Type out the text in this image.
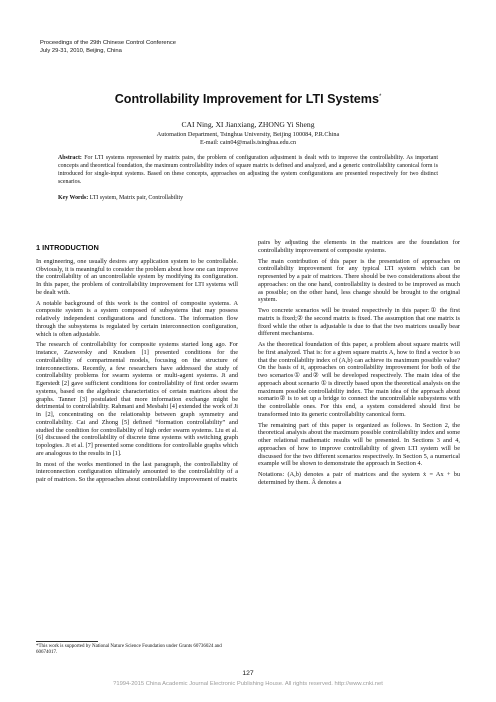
Proceedings of the 29th Chinese Control Conference
July 29-31, 2010, Beijing, China
Controllability Improvement for LTI Systems*
CAI Ning, XI Jianxiang, ZHONG Yi Sheng
Automation Department, Tsinghua University, Beijing 100084, P.R.China
E-mail: cain04@mails.tsinghua.edu.cn
Abstract: For LTI systems represented by matrix pairs, the problem of configuration adjustment is dealt with to improve the controllability. As important concepts and theoretical foundation, the maximum controllability index of square matrix is defined and analyzed, and a generic controllability canonical form is introduced for single-input systems. Based on these concepts, approaches on adjusting the system configurations are presented respectively for two distinct scenarios.
Key Words: LTI system, Matrix pair, Controllability
1 INTRODUCTION

In engineering, one usually desires any application system to be controllable. Obviously, it is meaningful to consider the problem about how one can improve the controllability of an uncontrollable system by modifying its configuration. In this paper, the problem of controllability improvement for LTI systems will be dealt with.

A notable background of this work is the control of composite systems. A composite system is a system composed of subsystems that may possess relatively independent configurations and functions. The information flow through the subsystems is regulated by certain interconnection configuration, which is often adjustable.

The research of controllability for composite systems started long ago. For instance, Zazworsky and Knudsen [1] presented conditions for the controllability of compartmental models, focusing on the structure of interconnections. Recently, a few researchers have addressed the study of controllability problems for swarm systems or multi-agent systems. Ji and Egerstedt [2] gave sufficient conditions for controllability of first order swarm systems, based on the algebraic characteristics of certain matrices about the graphs. Tanner [3] postulated that more information exchange might be detrimental to controllability. Rahmani and Mesbahi [4] extended the work of Ji in [2], concentrating on the relationship between graph symmetry and controllability. Cai and Zhong [5] defined “formation controllability” and studied the condition for controllability of high order swarm systems. Liu et al. [6] discussed the controllability of discrete time systems with switching graph topologies. Ji et al. [7] presented some conditions for controllable graphs which are analogous to the results in [1].

In most of the works mentioned in the last paragraph, the controllability of interconnection configuration ultimately amounted to the controllability of a pair of matrices. So the approaches about controllability improvement of matrix

*This work is supported by National Nature Science Foundation under Grants 60736024 and 60674017.

pairs by adjusting the elements in the matrices are the foundation for controllability improvement of composite systems.

The main contribution of this paper is the presentation of approaches on controllability improvement for any typical LTI system which can be represented by a pair of matrices. There should be two considerations about the approaches: on the one hand, controllability is desired to be improved as much as possible; on the other hand, less change should be brought to the original system.

Two concrete scenarios will be treated respectively in this paper:① the first matrix is fixed;② the second matrix is fixed. The assumption that one matrix is fixed while the other is adjustable is due to that the two matrices usually bear different mechanisms.

As the theoretical foundation of this paper, a problem about square matrix will be first analyzed. That is: for a given square matrix A, how to find a vector b so that the controllability index of (A,b) can achieve its maximum possible value? On the basis of it, approaches on controllability improvement for both of the two scenarios① and② will be developed respectively. The main idea of the approach about scenario ① is directly based upon the theoretical analysis on the maximum possible controllability index. The main idea of the approach about scenario② is to set up a bridge to connect the uncontrollable subsystems with the controllable ones. For this end, a system considered should first be transformed into its generic controllability canonical form.

The remaining part of this paper is organized as follows. In Section 2, the theoretical analysis about the maximum possible controllability index and some other relational mathematic results will be presented. In Sections 3 and 4, approaches of how to improve controllability of given LTI system will be discussed for the two different scenarios respectively. In Section 5, a numerical example will be shown to demonstrate the approach in Section 4.

Notations: (A,b) denotes a pair of matrices and the system ẋ = Ax + bu determined by them. Â denotes a

127
?1994-2015 China Academic Journal Electronic Publishing House. All rights reserved. http://www.cnki.net
